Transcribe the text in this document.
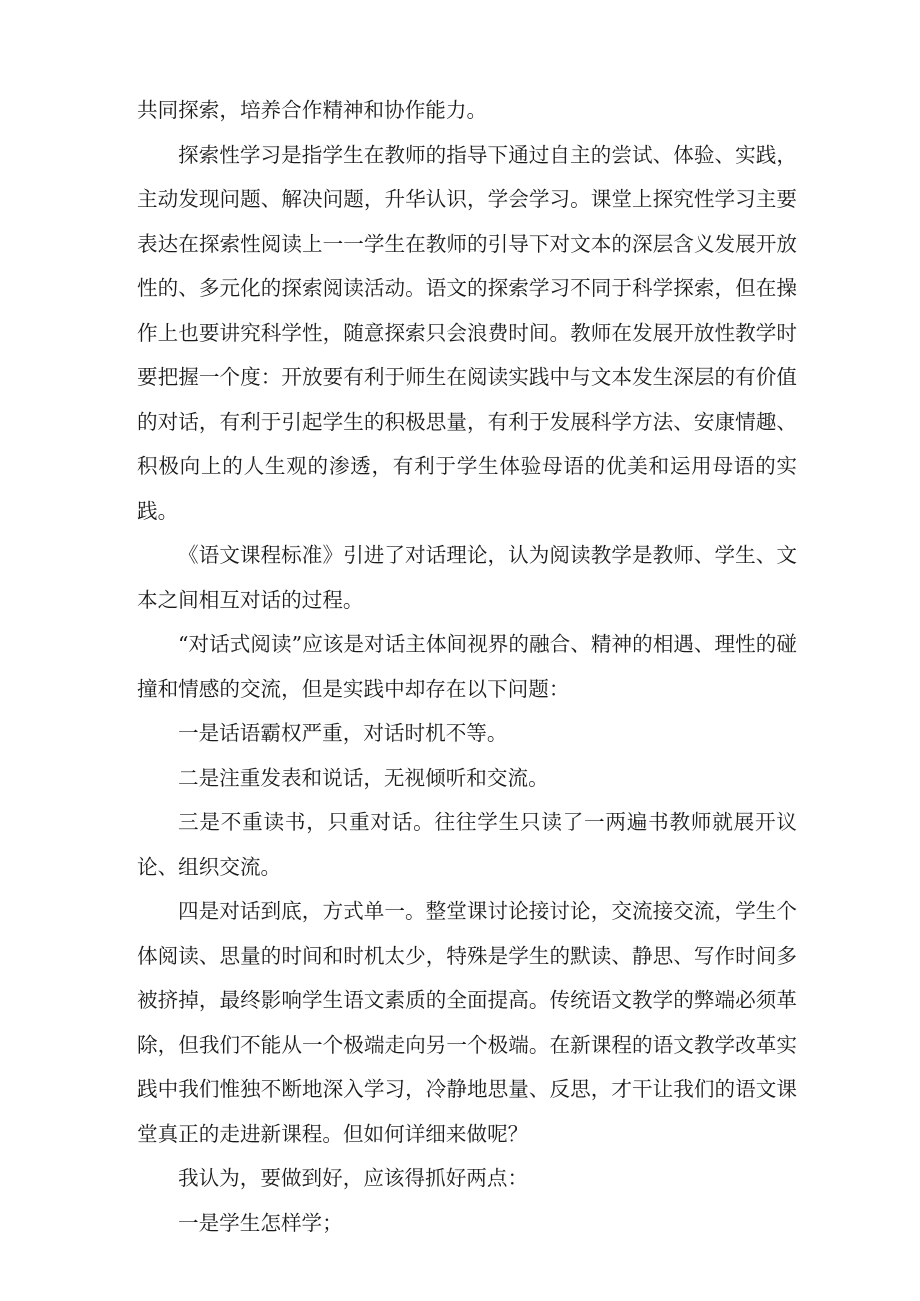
共同探索，培养合作精神和协作能力。

探索性学习是指学生在教师的指导下通过自主的尝试、体验、实践，主动发现问题、解决问题，升华认识，学会学习。课堂上探究性学习主要表达在探索性阅读上一一学生在教师的引导下对文本的深层含义发展开放性的、多元化的探索阅读活动。语文的探索学习不同于科学探索，但在操作上也要讲究科学性，随意探索只会浪费时间。教师在发展开放性教学时要把握一个度：开放要有利于师生在阅读实践中与文本发生深层的有价值的对话，有利于引起学生的积极思量，有利于发展科学方法、安康情趣、积极向上的人生观的渗透，有利于学生体验母语的优美和运用母语的实践。

《语文课程标准》引进了对话理论，认为阅读教学是教师、学生、文本之间相互对话的过程。

“对话式阅读”应该是对话主体间视界的融合、精神的相遇、理性的碰撞和情感的交流，但是实践中却存在以下问题：

一是话语霸权严重，对话时机不等。

二是注重发表和说话，无视倾听和交流。

三是不重读书，只重对话。往往学生只读了一两遍书教师就展开议论、组织交流。

四是对话到底，方式单一。整堂课讨论接讨论，交流接交流，学生个体阅读、思量的时间和时机太少，特殊是学生的默读、静思、写作时间多被挤掉，最终影响学生语文素质的全面提高。传统语文教学的弊端必须革除，但我们不能从一个极端走向另一个极端。在新课程的语文教学改革实践中我们惟独不断地深入学习，冷静地思量、反思，才干让我们的语文课堂真正的走进新课程。但如何详细来做呢？

我认为，要做到好，应该得抓好两点：

一是学生怎样学；
